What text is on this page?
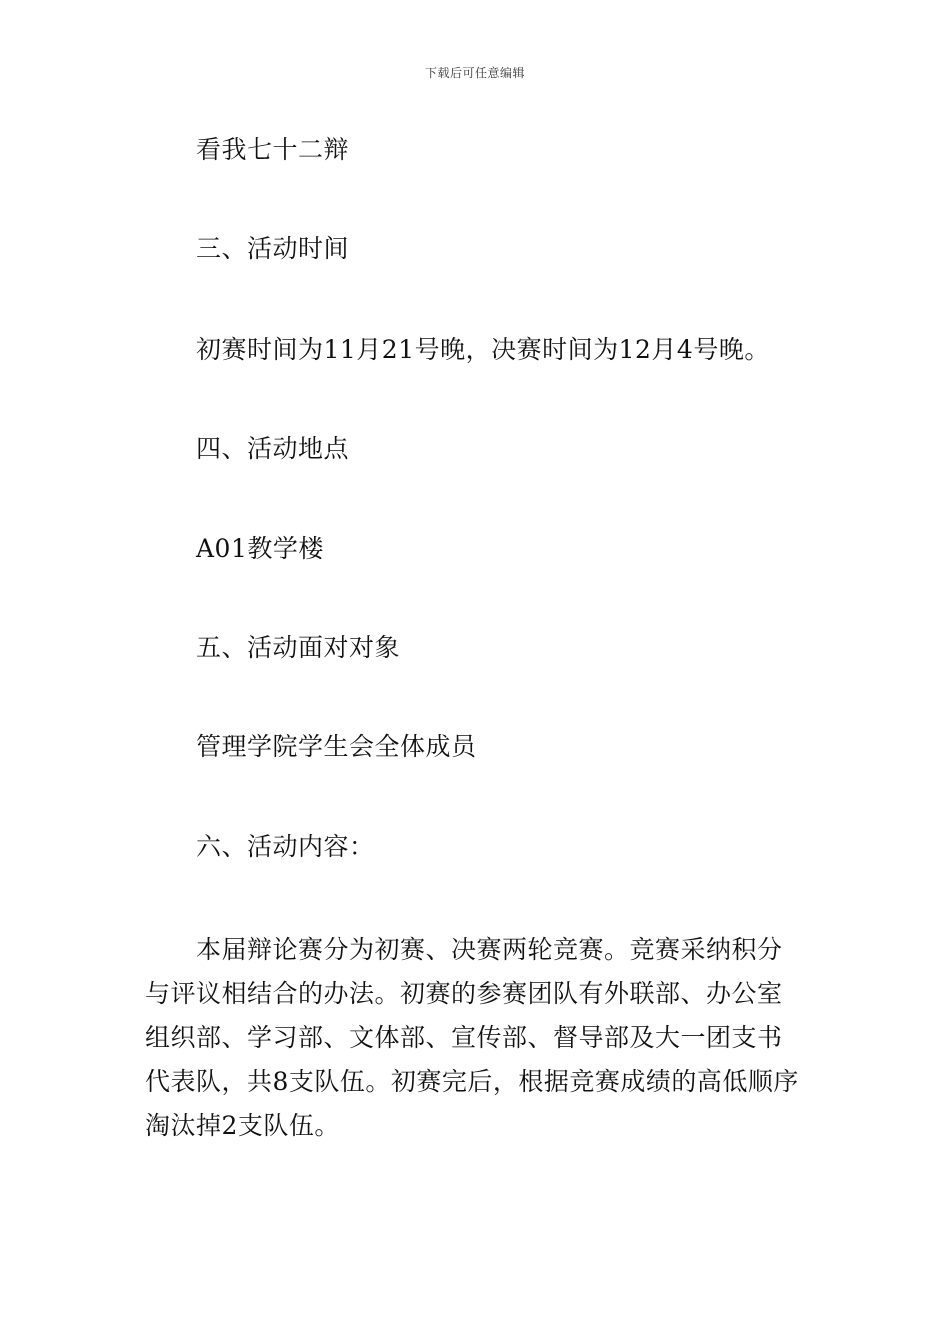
下载后可任意编辑
看我七十二辩
三、活动时间
初赛时间为11月21号晚，决赛时间为12月4号晚。
四、活动地点
A01教学楼
五、活动面对对象
管理学院学生会全体成员
六、活动内容：
本届辩论赛分为初赛、决赛两轮竞赛。竞赛采纳积分
与评议相结合的办法。初赛的参赛团队有外联部、办公室
组织部、学习部、文体部、宣传部、督导部及大一团支书
代表队，共8支队伍。初赛完后，根据竞赛成绩的高低顺序
淘汰掉2支队伍。
